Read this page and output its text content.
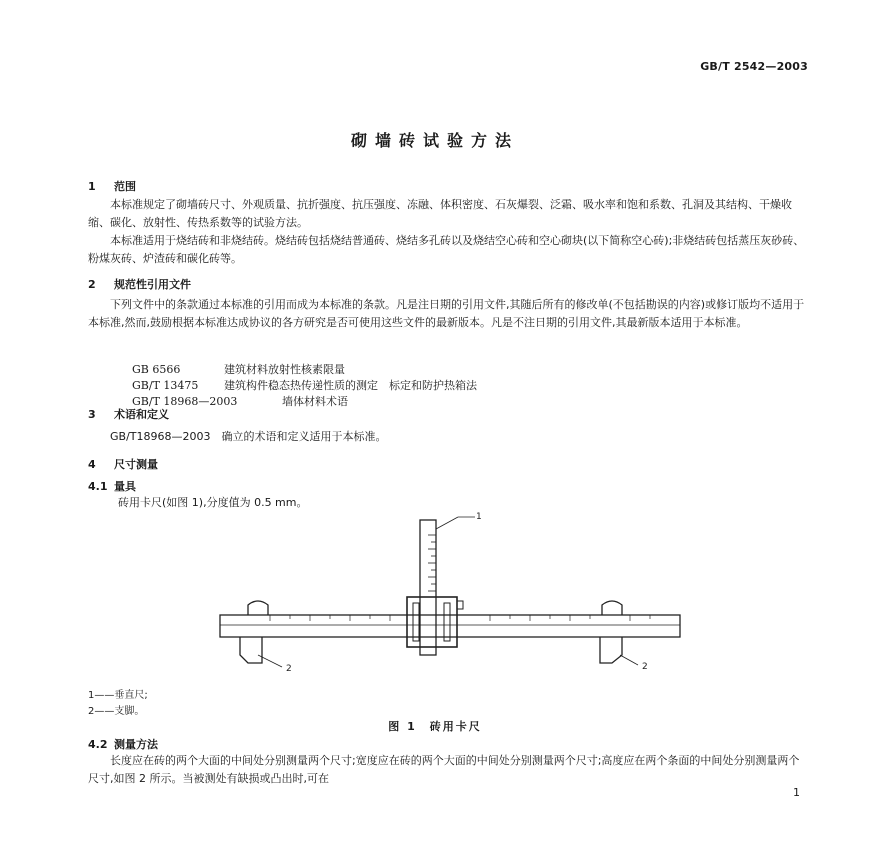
GB/T 2542—2003
砌墙砖试验方法
1 范围
本标准规定了砌墙砖尺寸、外观质量、抗折强度、抗压强度、冻融、体积密度、石灰爆裂、泛霜、吸水率和饱和系数、孔洞及其结构、干燥收缩、碳化、放射性、传热系数等的试验方法。
本标准适用于烧结砖和非烧结砖。烧结砖包括烧结普通砖、烧结多孔砖以及烧结空心砖和空心砌块(以下简称空心砖);非烧结砖包括蒸压灰砂砖、粉煤灰砖、炉渣砖和碳化砖等。
2 规范性引用文件
下列文件中的条款通过本标准的引用而成为本标准的条款。凡是注日期的引用文件,其随后所有的修改单(不包括勘误的内容)或修订版均不适用于本标准,然而,鼓励根据本标准达成协议的各方研究是否可使用这些文件的最新版本。凡是不注日期的引用文件,其最新版本适用于本标准。

GB 6566	建筑材料放射性核素限量

GB/T 13475 建筑构件稳态热传递性质的测定　标定和防护热箱法

GB/T 18968—2003	墙体材料术语

3 术语和定义
GB/T18968—2003　确立的术语和定义适用于本标准。
4 尺寸测量
4.1 量具
砖用卡尺(如图 1),分度值为 0.5 mm。
1
2	2
1——垂直尺;
2——支脚。
图 1　砖用卡尺
4.2 测量方法
长度应在砖的两个大面的中间处分别测量两个尺寸;宽度应在砖的两个大面的中间处分别测量两个尺寸;高度应在两个条面的中间处分别测量两个尺寸,如图 2 所示。当被测处有缺损或凸出时,可在
1
